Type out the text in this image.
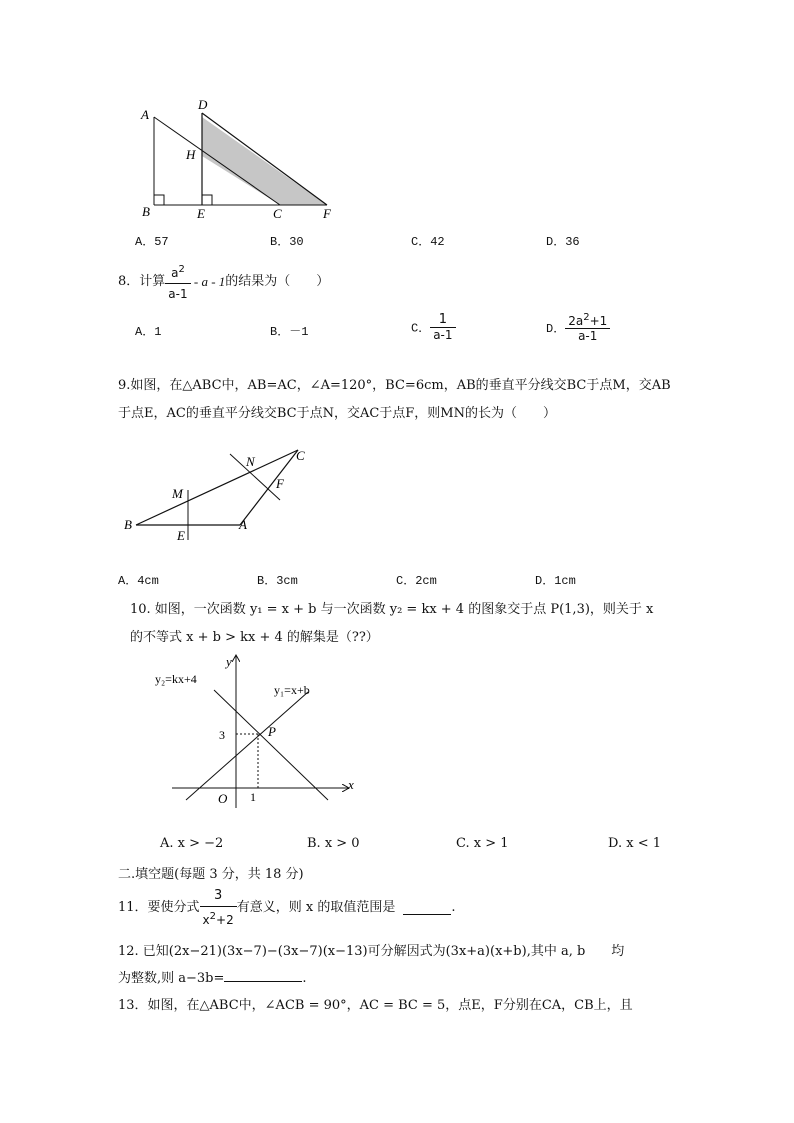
A
D
H
B	E	C	F
A．57	B．30	C．42	D．36
8．计算 $\frac{a^2}{a-1}$ - a - 1的结果为（　　）
A．1	B．－1	C． $\frac{1}{a-1}$	D． $\frac{2a^2+1}{a-1}$
9.如图，在△ABC中，AB=AC，∠A=120°，BC=6cm，AB的垂直平分线交BC于点M，交AB
于点E，AC的垂直平分线交BC于点N，交AC于点F，则MN的长为（　　）
C
N
F
M
B
E
A
A．4cm	B．3cm	C．2cm	D．1cm
10. 如图，一次函数 y₁ = x + b 与一次函数 y₂ = kx + 4 的图象交于点 P(1,3)，则关于 x
的不等式 x + b > kx + 4 的解集是（??）
y₂=kx+4
y₁=x+b
y
x
O
P
3
1
A. x > −2	B. x > 0	C. x > 1	D. x < 1
二.填空题(每题 3 分，共 18 分)
11．要使分式 $\frac{3}{x^2+2}$ 有意义，则 x 的取值范围是	.
12. 已知(2x−21)(3x−7)−(3x−7)(x−13)可分解因式为(3x+a)(x+b),其中 a, b　　均
为整数,则 a−3b=	.
13．如图，在△ABC中，∠ACB = 90°，AC = BC = 5，点E，F分别在CA，CB上，且
